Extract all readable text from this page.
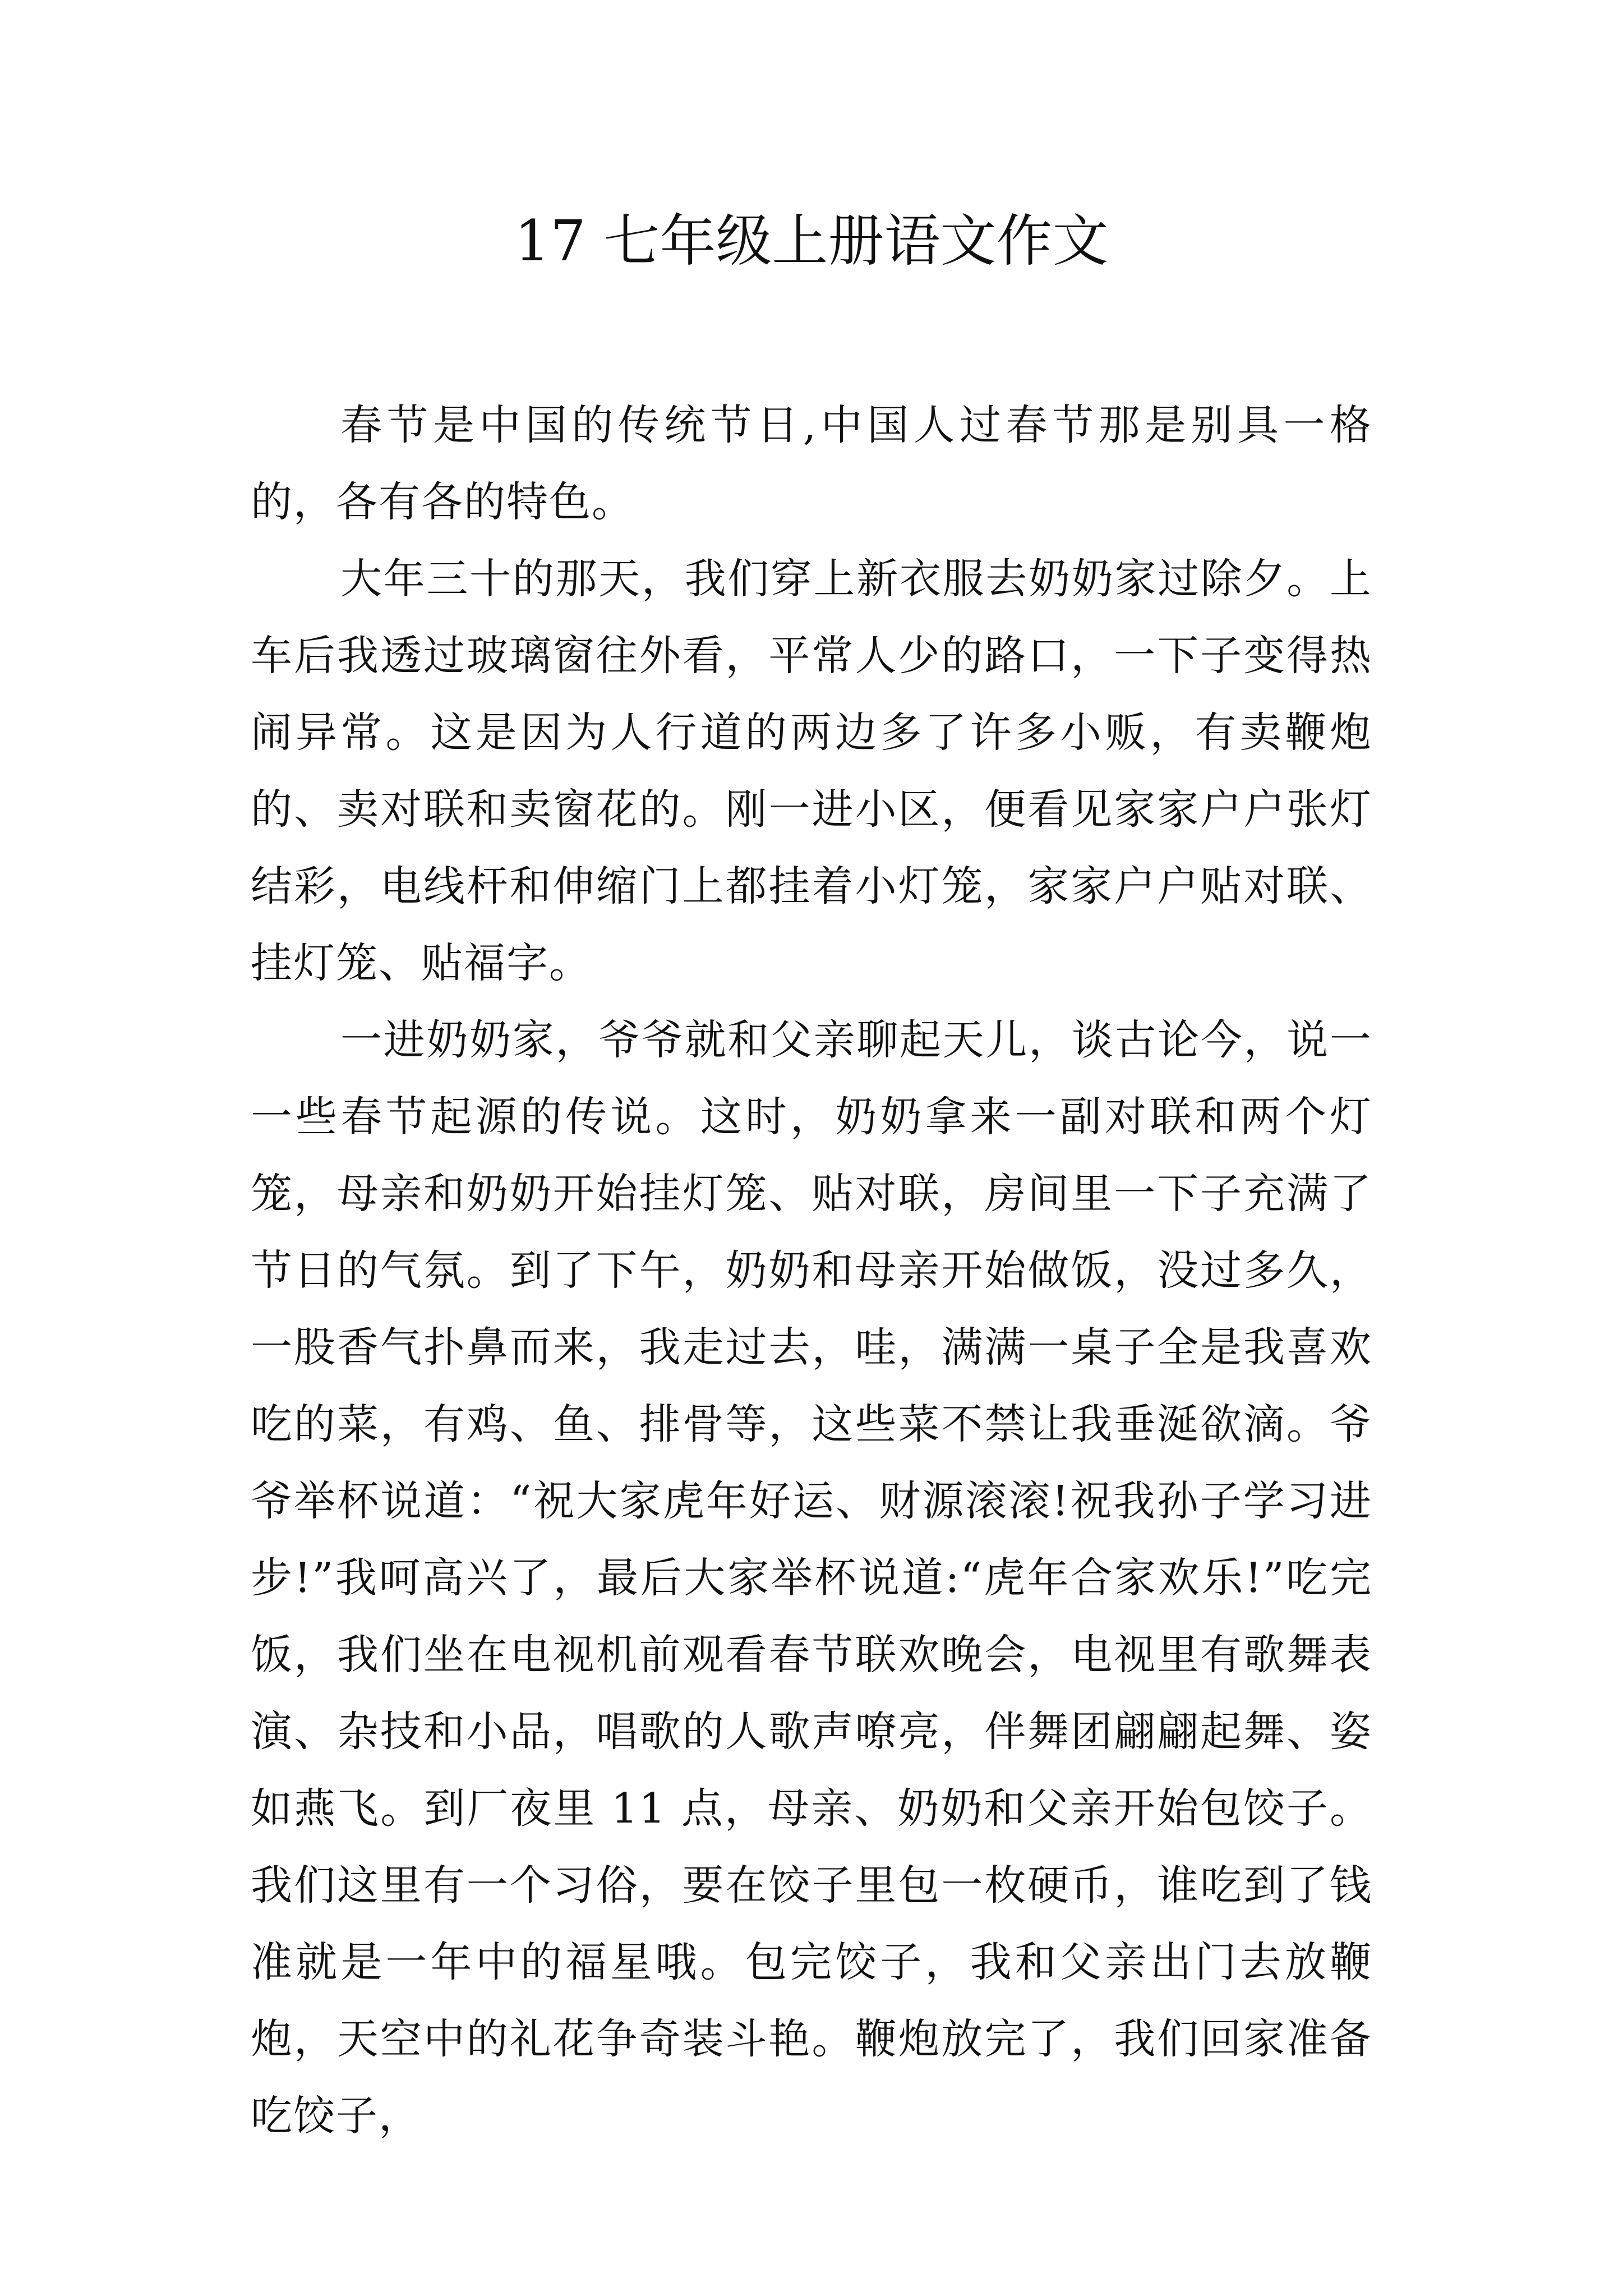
17 七年级上册语文作文

春节是中国的传统节日,中国人过春节那是别具一格的，各有各的特色。

大年三十的那天，我们穿上新衣服去奶奶家过除夕。上车后我透过玻璃窗往外看，平常人少的路口，一下子变得热闹异常。这是因为人行道的两边多了许多小贩，有卖鞭炮的、卖对联和卖窗花的。刚一进小区，便看见家家户户张灯结彩，电线杆和伸缩门上都挂着小灯笼，家家户户贴对联、挂灯笼、贴福字。

一进奶奶家，爷爷就和父亲聊起天儿，谈古论今，说一一些春节起源的传说。这时，奶奶拿来一副对联和两个灯笼，母亲和奶奶开始挂灯笼、贴对联，房间里一下子充满了节日的气氛。到了下午，奶奶和母亲开始做饭，没过多久，一股香气扑鼻而来，我走过去，哇，满满一桌子全是我喜欢吃的菜，有鸡、鱼、排骨等，这些菜不禁让我垂涎欲滴。爷爷举杯说道：“祝大家虎年好运、财源滚滚!祝我孙子学习进步!”我呵高兴了，最后大家举杯说道:“虎年合家欢乐!”吃完饭，我们坐在电视机前观看春节联欢晚会，电视里有歌舞表演、杂技和小品，唱歌的人歌声嘹亮，伴舞团翩翩起舞、姿如燕飞。到厂夜里 11 点，母亲、奶奶和父亲开始包饺子。我们这里有一个习俗，要在饺子里包一枚硬币，谁吃到了钱准就是一年中的福星哦。包完饺子，我和父亲出门去放鞭炮，天空中的礼花争奇装斗艳。鞭炮放完了，我们回家准备吃饺子，
